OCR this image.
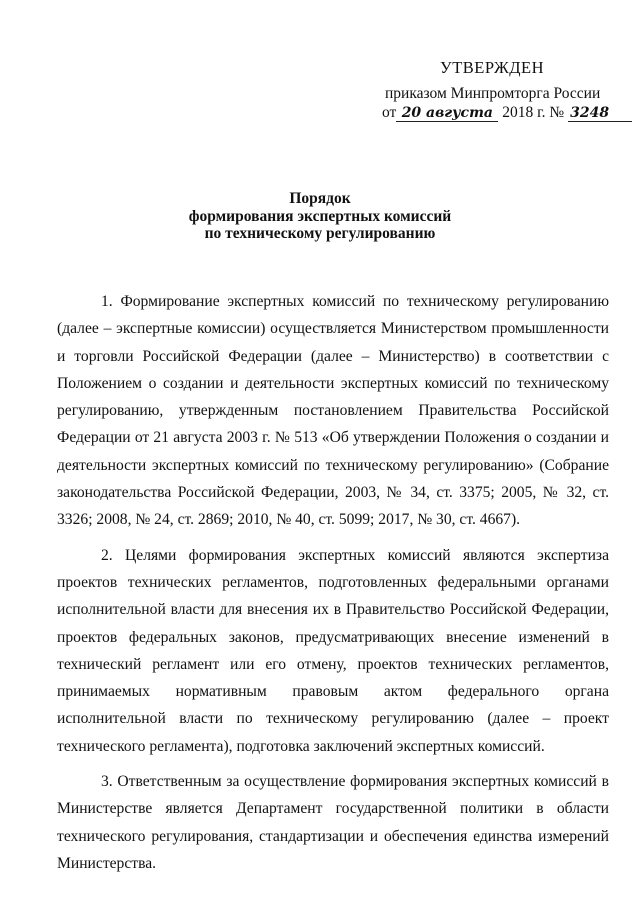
УТВЕРЖДЕН
приказом Минпромторга России
от 20 августа 2018 г. № 3248
Порядок
формирования экспертных комиссий
по техническому регулированию

1. Формирование экспертных комиссий по техническому регулированию (далее – экспертные комиссии) осуществляется Министерством промышленности и торговли Российской Федерации (далее – Министерство) в соответствии с Положением о создании и деятельности экспертных комиссий по техническому регулированию, утвержденным постановлением Правительства Российской Федерации от 21 августа 2003 г. № 513 «Об утверждении Положения о создании и деятельности экспертных комиссий по техническому регулированию» (Собрание законодательства Российской Федерации, 2003, № 34, ст. 3375; 2005, № 32, ст. 3326; 2008, № 24, ст. 2869; 2010, № 40, ст. 5099; 2017, № 30, ст. 4667).

2. Целями формирования экспертных комиссий являются экспертиза проектов технических регламентов, подготовленных федеральными органами исполнительной власти для внесения их в Правительство Российской Федерации, проектов федеральных законов, предусматривающих внесение изменений в технический регламент или его отмену, проектов технических регламентов, принимаемых нормативным правовым актом федерального органа исполнительной власти по техническому регулированию (далее – проект технического регламента), подготовка заключений экспертных комиссий.

3. Ответственным за осуществление формирования экспертных комиссий в Министерстве является Департамент государственной политики в области технического регулирования, стандартизации и обеспечения единства измерений Министерства.
